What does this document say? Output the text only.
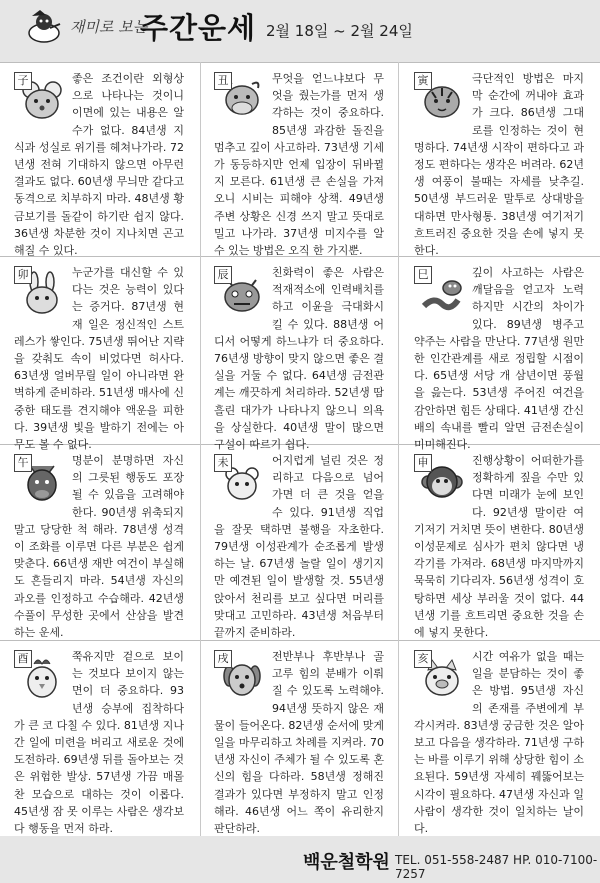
재미로 보는
주간운세 2월 18일 ~ 2월 24일
子	좋은 조건이란 외형상으로 나타나는 것이니 이면에 있는 내용은 알 수가 없다. 84년생 지식과 성실로 위기를 헤쳐나가라. 72년생 전혀 기대하지 않으면 아무런 결과도 없다. 60년생 무늬만 같다고 동격으로 치부하지 마라. 48년생 황금보기를 돌같이 하기란 쉽지 않다. 36년생 차분한 것이 지나치면 곤고해질 수 있다.

丑	무엇을 얻느냐보다 무엇을 줬는가를 먼저 생각하는 것이 중요하다. 85년생 과감한 돌진을 멈추고 깊이 사고하라. 73년생 기세가 동등하지만 언제 입장이 뒤바뀔지 모른다. 61년생 큰 손실을 가져오니 시비는 피해야 상책. 49년생 주변 상황은 신경 쓰지 말고 뜻대로 밀고 나가라. 37년생 미지수를 알 수 있는 방법은 오직 한 가지뿐.

寅	극단적인 방법은 마지막 순간에 꺼내야 효과가 크다. 86년생 그대로를 인정하는 것이 현명하다. 74년생 시작이 편하다고 과정도 편하다는 생각은 버려라. 62년생 여풍이 불때는 자세를 낮추길. 50년생 부드러운 말투로 상대방을 대하면 만사형통. 38년생 여기저기 흐트러진 중요한 것을 손에 넣지 못한다.

卯	누군가를 대신할 수 있다는 것은 능력이 있다는 증거다. 87년생 현재 일은 정신적인 스트레스가 쌓인다. 75년생 뛰어난 지략을 갖춰도 속이 비었다면 허사다. 63년생 얼버무릴 일이 아니라면 완벽하게 준비하라. 51년생 매사에 신중한 태도를 견지해야 액운을 피한다. 39년생 빛을 발하기 전에는 아무도 볼 수 없다.

辰	친화력이 좋은 사람은 적재적소에 인력배치를 하고 이윤을 극대화시킬 수 있다. 88년생 어디서 어떻게 하느냐가 더 중요하다. 76년생 방향이 맞지 않으면 좋은 결실을 거둘 수 없다. 64년생 금전관계는 깨끗하게 처리하라. 52년생 땀흘린 대가가 나타나지 않으니 의욕을 상실한다. 40년생 말이 많으면 구설이 따르기 쉽다.

巳	깊이 사고하는 사람은 깨달음을 얻고자 노력하지만 시간의 차이가 있다. 89년생 병주고 약주는 사람을 만난다. 77년생 원만한 인간관계를 새로 정립할 시점이다. 65년생 서당 개 삼년이면 풍월을 읊는다. 53년생 주어진 여건을 감안하면 힘든 상태다. 41년생 간신배의 속내를 빨리 알면 금전손실이 미미해진다.

午	명분이 분명하면 자신의 그릇된 행동도 포장될 수 있음을 고려해야 한다. 90년생 위축되지 말고 당당한 척 해라. 78년생 성격이 조화를 이루면 다른 부분은 쉽게 맞춘다. 66년생 재반 여건이 부실해도 흔들리지 마라. 54년생 자신의 과오를 인정하고 수습해라. 42년생 수풀이 무성한 곳에서 산삼을 발견하는 운세.

未	어지럽게 널린 것은 정리하고 다음으로 넘어가면 더 큰 것을 얻을 수 있다. 91년생 직업을 잘못 택하면 불행을 자초한다. 79년생 이성관계가 순조롭게 발생하는 날. 67년생 놀랄 일이 생기지만 예견된 일이 발생할 것. 55년생 앉아서 천리를 보고 싶다면 머리를 맞대고 고민하라. 43년생 처음부터 끝까지 준비하라.

申	진행상황이 어떠한가를 정확하게 짚을 수만 있다면 미래가 눈에 보인다. 92년생 말이란 여기저기 거치면 뜻이 변한다. 80년생 이성문제로 심사가 편치 않다면 냉각기를 가져라. 68년생 마지막까지 묵묵히 기다리자. 56년생 성격이 호탕하면 세상 부러울 것이 없다. 44년생 기를 흐트리면 중요한 것을 손에 넣지 못한다.

酉	쭉유지만 겉으로 보이는 것보다 보이지 않는 면이 더 중요하다. 93년생 승부에 집착하다가 큰 코 다칠 수 있다. 81년생 지나간 일에 미련을 버리고 새로운 것에 도전하라. 69년생 뒤를 돌아보는 것은 위험한 발상. 57년생 가끔 매몰찬 모습으로 대하는 것이 이롭다. 45년생 잠 못 이루는 사람은 생각보다 행동을 먼저 하라.

戌	전반부나 후반부나 골고루 힘의 분배가 이뤄질 수 있도록 노력해야. 94년생 뜻하지 않은 재물이 들어온다. 82년생 순서에 맞게 일을 마무리하고 차례를 지켜라. 70년생 자신이 주체가 될 수 있도록 혼신의 힘을 다하라. 58년생 정해진 결과가 있다면 부정하지 말고 인정해라. 46년생 어느 쪽이 유리한지 판단하라.

亥	시간 여유가 없을 때는 일을 분담하는 것이 좋은 방법. 95년생 자신의 존재를 주변에게 부각시켜라. 83년생 궁금한 것은 알아보고 다음을 생각하라. 71년생 구하는 바를 이루기 위해 상당한 힘이 소요된다. 59년생 자세히 꿰뚫어보는 시각이 필요하다. 47년생 자신과 일 사람이 생각한 것이 일치하는 날이다.

백운철학원 TEL. 051-558-2487 HP. 010-7100-7257
